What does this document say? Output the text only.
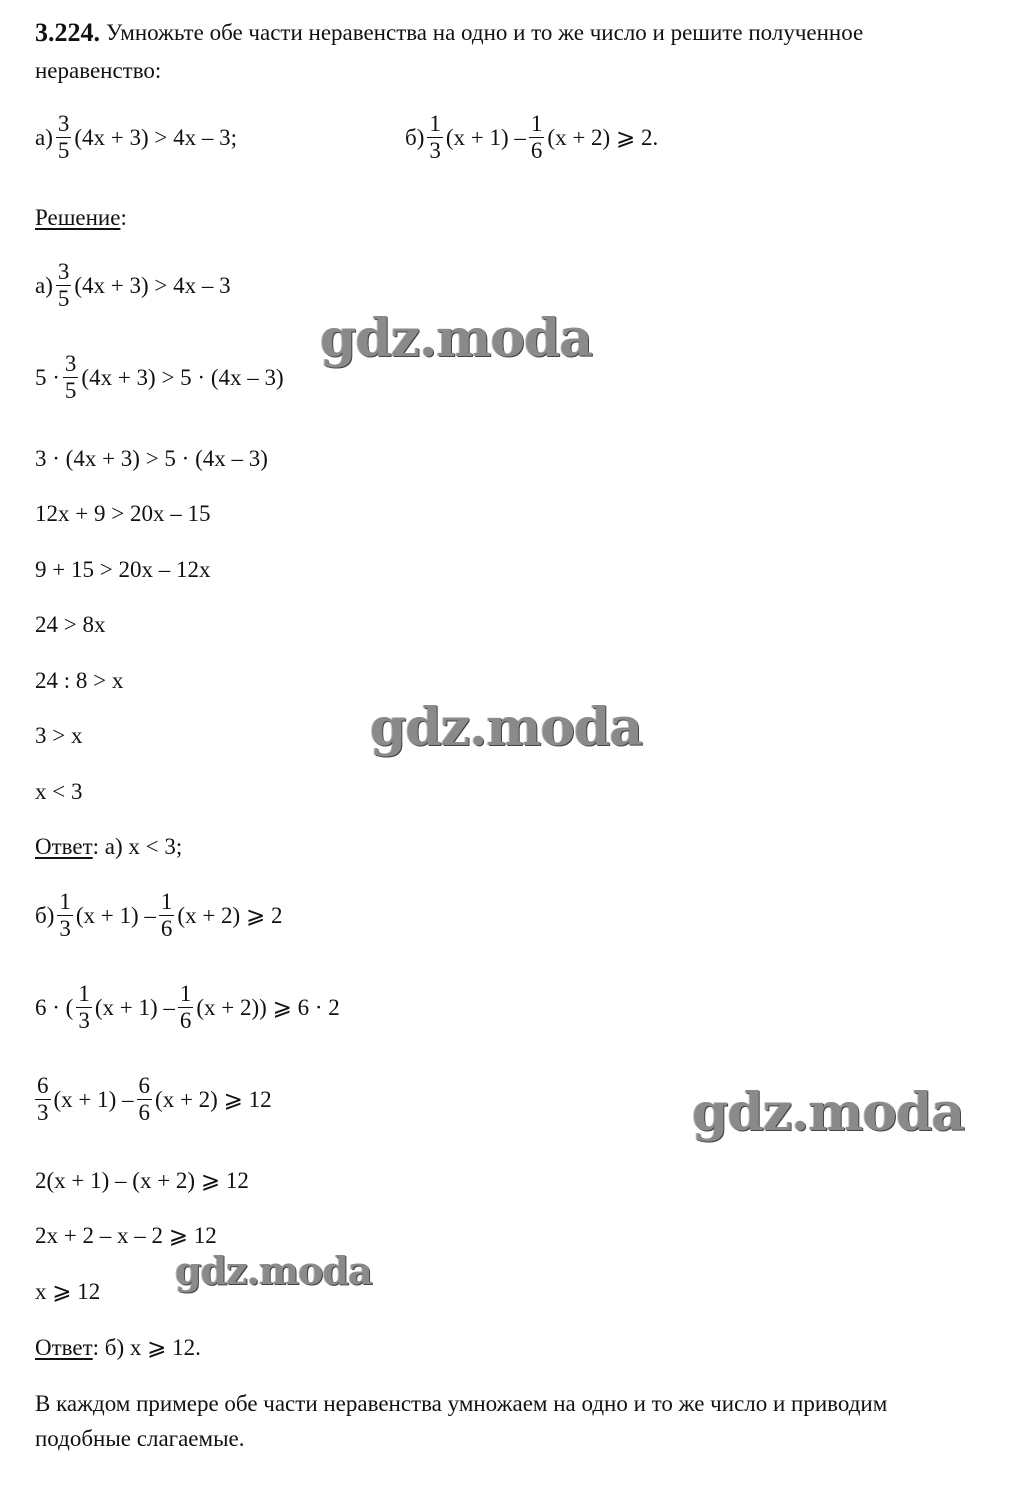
3.224. Умножьте обе части неравенства на одно и то же число и решите полученное
неравенство:
$а) \frac{3}{5} (4x + 3) > 4x - 3$;	$б) \frac{1}{3} (x + 1) - \frac{1}{6} (x + 2)$ ⩾ 2.
Решение :
$а) \frac{3}{5} (4x + 3) > 4x - 3$
$5 \cdot \frac{3}{5} (4x + 3) > 5 \cdot (4x - 3)$
3 · (4x + 3) > 5 · (4x – 3)
12x + 9 > 20x – 15
9 + 15 > 20x – 12x
24 > 8x
24 : 8 > x
3 > x
x < 3
Ответ : а) x < 3;
$б) \frac{1}{3} (x + 1) - \frac{1}{6} (x + 2)$ ⩾ 2
6 · ( $\frac{1}{3} (x + 1) - \frac{1}{6} (x + 2)$) ⩾ 6 · 2
$\frac{6}{3} (x + 1) - \frac{6}{6} (x + 2)$ ⩾ 12
2(x + 1) – (x + 2) ⩾ 12
2x + 2 – x – 2 ⩾ 12
x ⩾ 12
Ответ : б) x ⩾ 12.
В каждом примере обе части неравенства умножаем на одно и то же число и приводим
подобные слагаемые.
gdz.moda
gdz.moda
gdz.moda
gdz.moda
